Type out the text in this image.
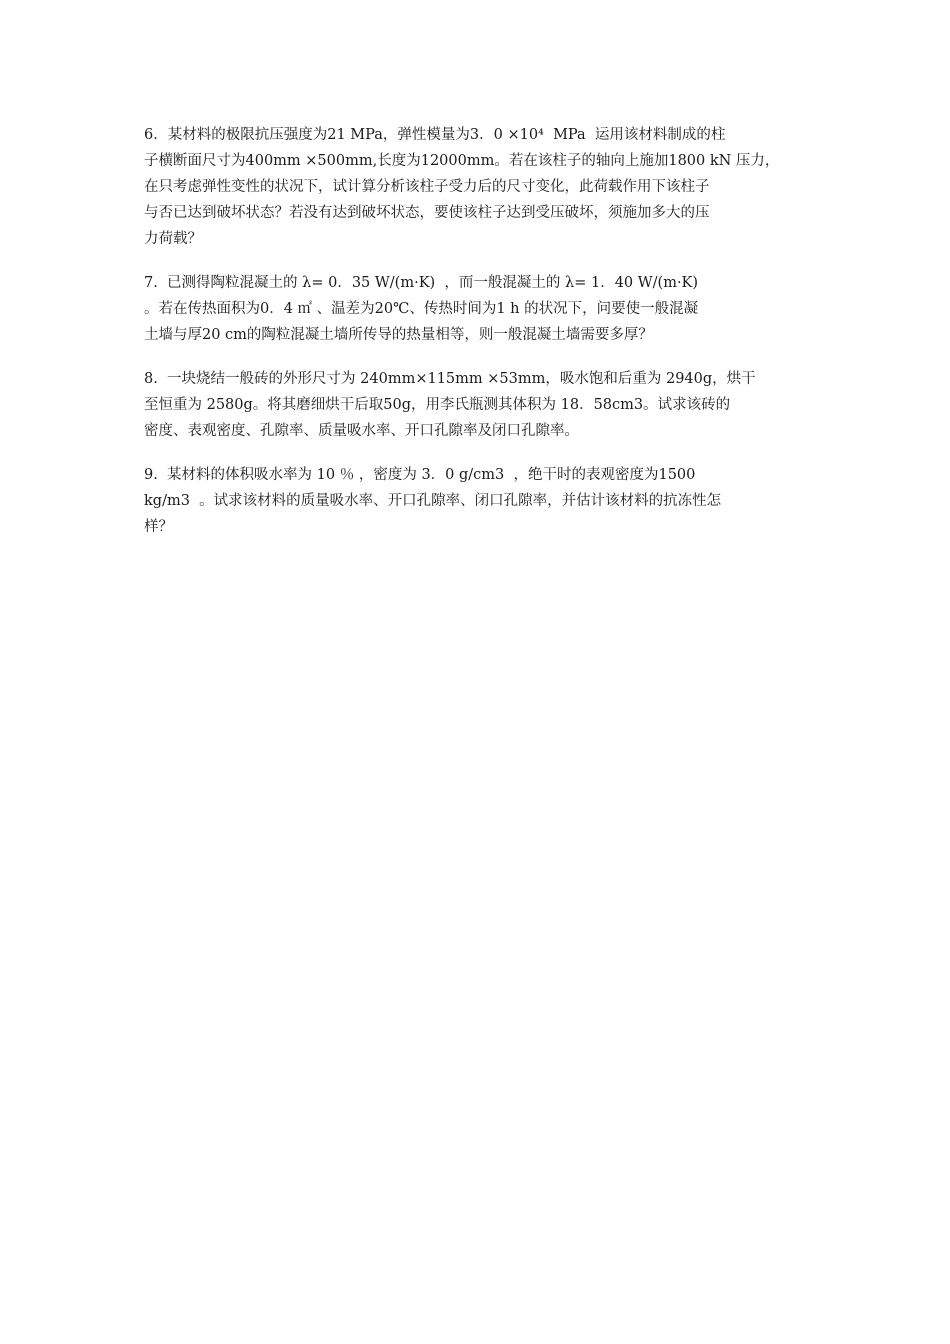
6．某材料的极限抗压强度为21 MPa，弹性模量为3．0 ×10⁴  MPa  运用该材料制成的柱
子横断面尺寸为400mm ×500mm,长度为12000mm。若在该柱子的轴向上施加1800 kN 压力，
在只考虑弹性变性的状况下，试计算分析该柱子受力后的尺寸变化，此荷载作用下该柱子
与否已达到破坏状态？若没有达到破坏状态，要使该柱子达到受压破坏，须施加多大的压
力荷载？
7.  已测得陶粒混凝土的 λ= 0．35 W/(m·K)  ，而一般混凝土的 λ= 1．40 W/(m·K)
。若在传热面积为0．4 ㎡ 、温差为20℃、传热时间为1 h 的状况下，问要使一般混凝
土墙与厚20 cm的陶粒混凝土墙所传导的热量相等，则一般混凝土墙需要多厚？
8.  一块烧结一般砖的外形尺寸为 240mm×115mm ×53mm，吸水饱和后重为 2940g，烘干
至恒重为 2580g。将其磨细烘干后取50g，用李氏瓶测其体积为 18．58cm3。试求该砖的
密度、表观密度、孔隙率、质量吸水率、开口孔隙率及闭口孔隙率。
9.  某材料的体积吸水率为 10 ％ ，密度为 3．0 g/cm3  ，绝干时的表观密度为1500
kg/m3  。试求该材料的质量吸水率、开口孔隙率、闭口孔隙率，并估计该材料的抗冻性怎
样？
